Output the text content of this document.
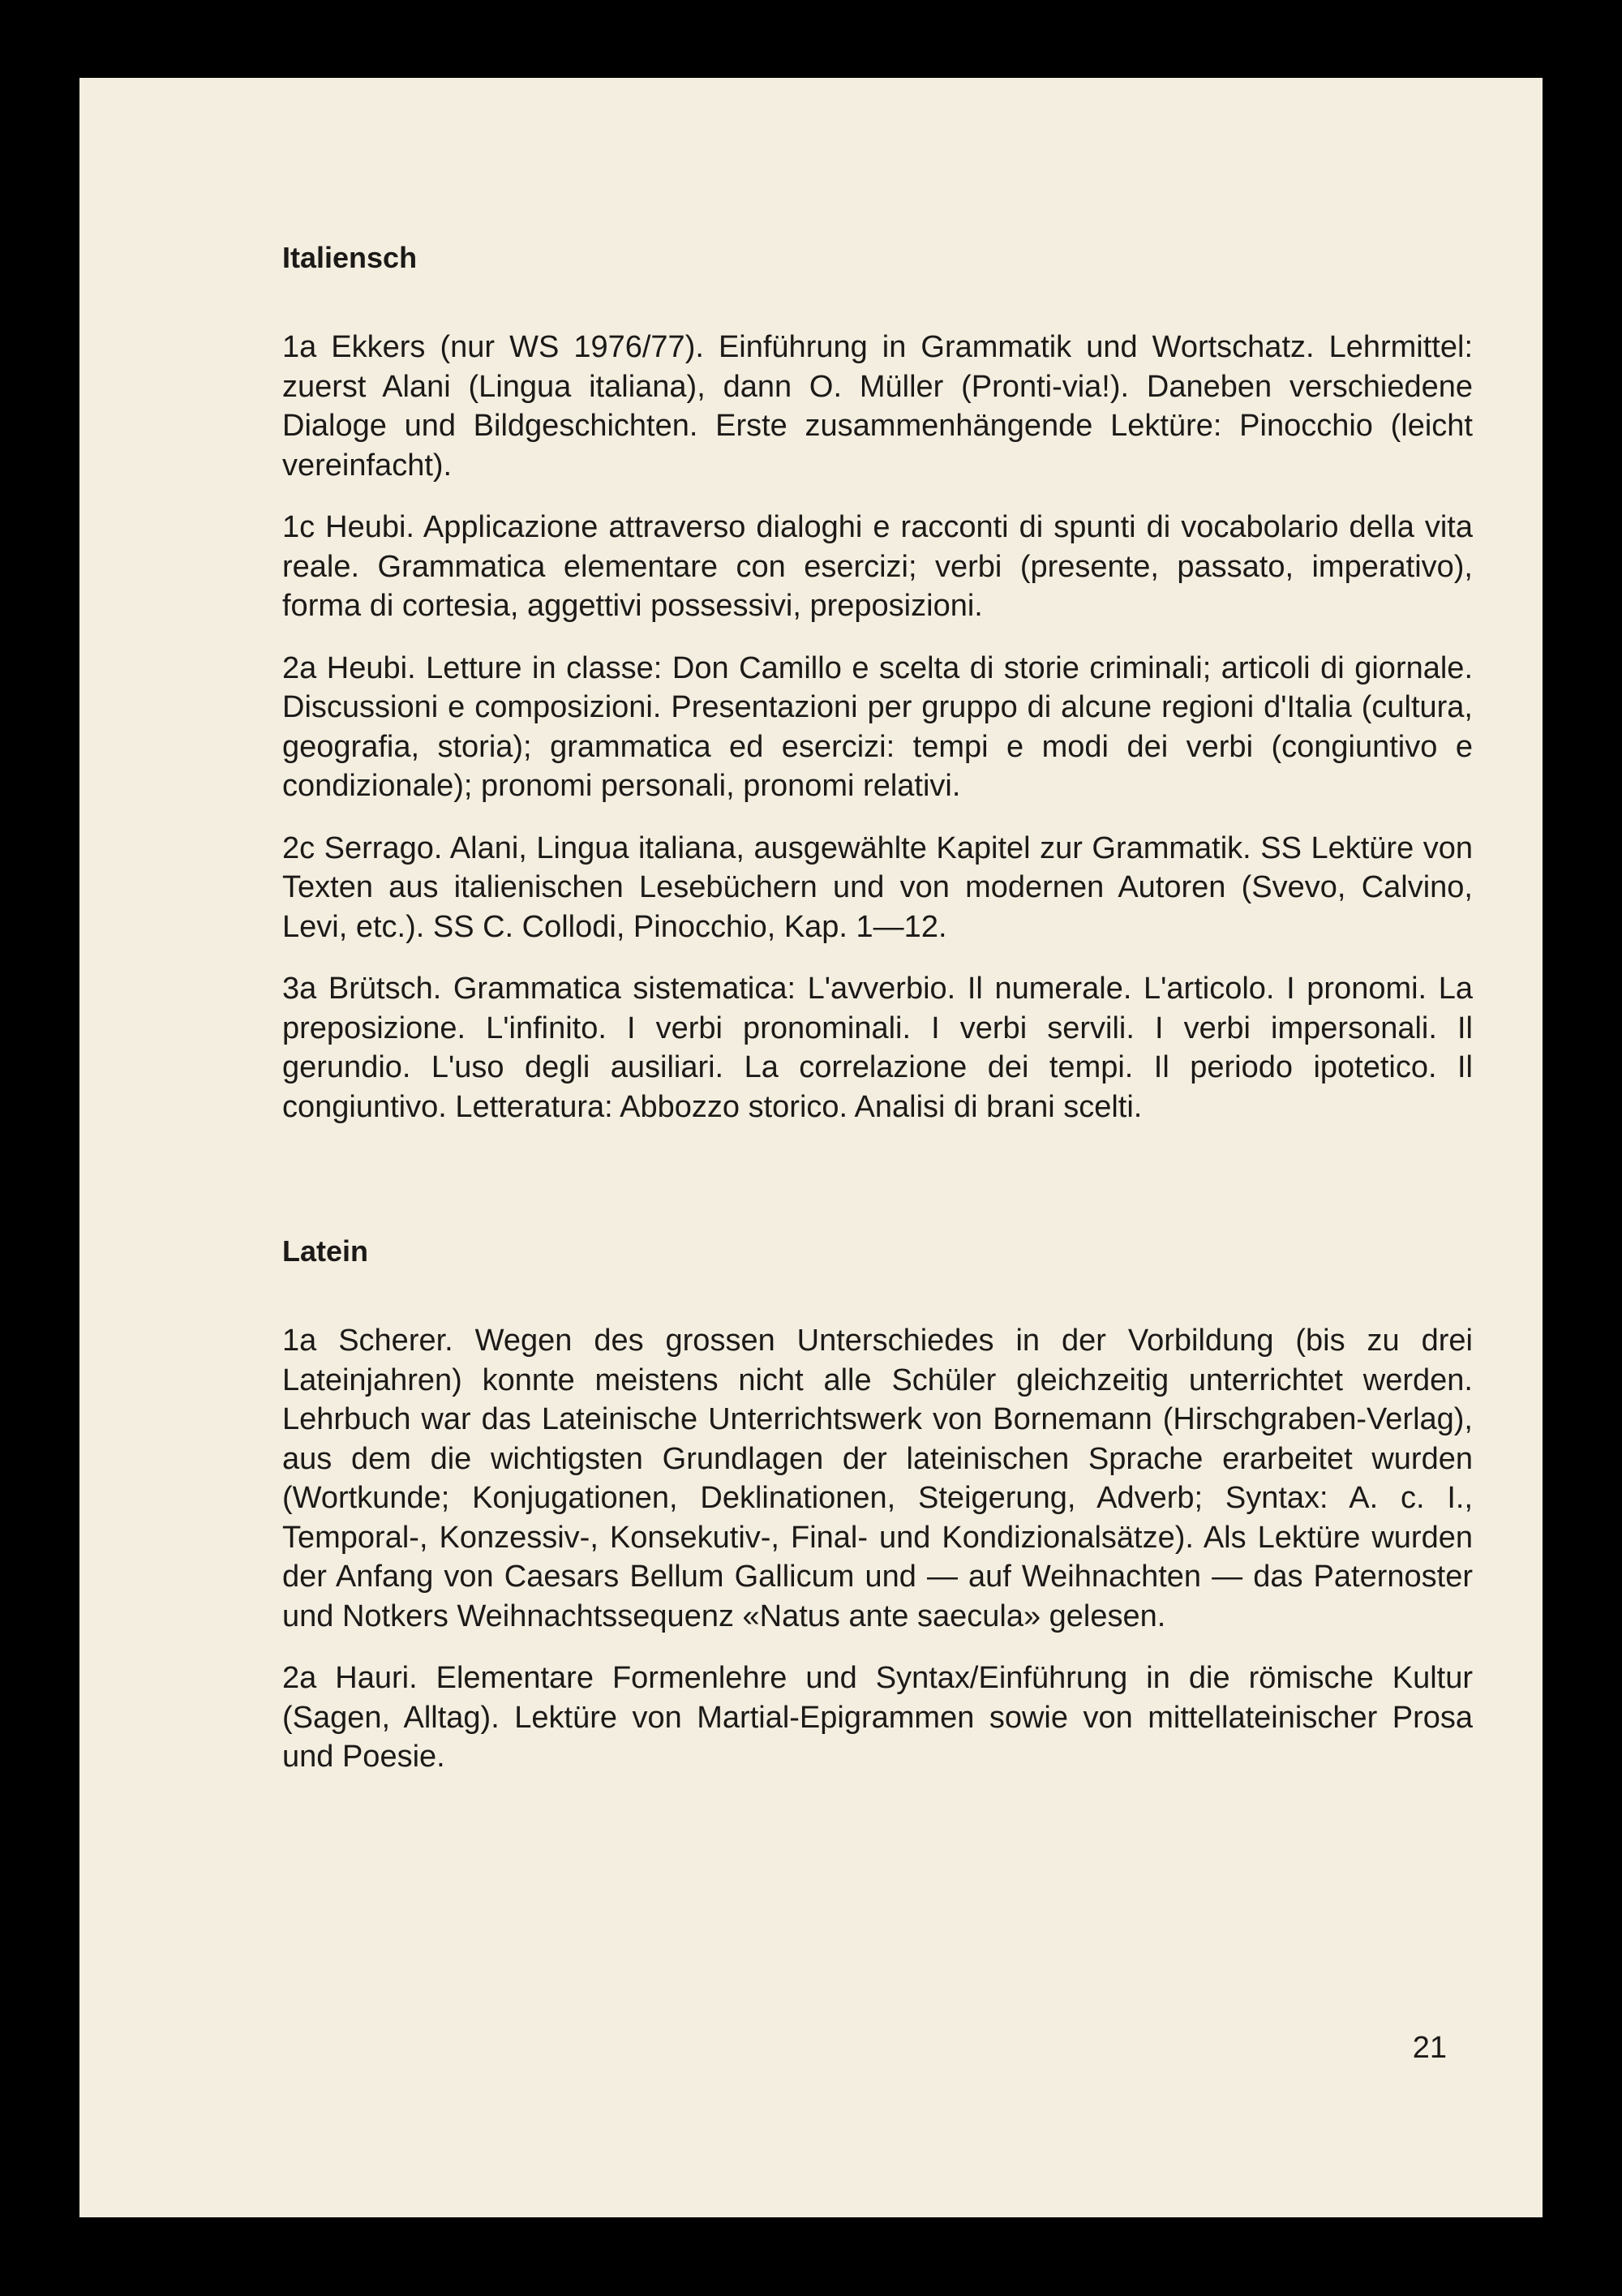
Italiensch

1a Ekkers (nur WS 1976/77). Einführung in Grammatik und Wortschatz. Lehrmittel: zuerst Alani (Lingua italiana), dann O. Müller (Pronti-via!). Daneben verschiedene Dialoge und Bildgeschichten. Erste zusammenhängende Lektüre: Pinocchio (leicht vereinfacht).

1c Heubi. Applicazione attraverso dialoghi e racconti di spunti di vocabolario della vita reale. Grammatica elementare con esercizi; verbi (presente, passato, imperativo), forma di cortesia, aggettivi possessivi, preposizioni.

2a Heubi. Letture in classe: Don Camillo e scelta di storie criminali; articoli di giornale. Discussioni e composizioni. Presentazioni per gruppo di alcune regioni d'Italia (cultura, geografia, storia); grammatica ed esercizi: tempi e modi dei verbi (congiuntivo e condizionale); pronomi personali, pronomi relativi.

2c Serrago. Alani, Lingua italiana, ausgewählte Kapitel zur Grammatik. SS Lektüre von Texten aus italienischen Lesebüchern und von modernen Autoren (Svevo, Calvino, Levi, etc.). SS C. Collodi, Pinocchio, Kap. 1—12.

3a Brütsch. Grammatica sistematica: L'avverbio. Il numerale. L'articolo. I pronomi. La preposizione. L'infinito. I verbi pronominali. I verbi servili. I verbi impersonali. Il gerundio. L'uso degli ausiliari. La correlazione dei tempi. Il periodo ipotetico. Il congiuntivo. Letteratura: Abbozzo storico. Analisi di brani scelti.

Latein

1a Scherer. Wegen des grossen Unterschiedes in der Vorbildung (bis zu drei Lateinjahren) konnte meistens nicht alle Schüler gleichzeitig unterrichtet werden. Lehrbuch war das Lateinische Unterrichtswerk von Bornemann (Hirschgraben-Verlag), aus dem die wichtigsten Grundlagen der lateinischen Sprache erarbeitet wurden (Wortkunde; Konjugationen, Deklinationen, Steigerung, Adverb; Syntax: A. c. I., Temporal-, Konzessiv-, Konsekutiv-, Final- und Kondizionalsätze). Als Lektüre wurden der Anfang von Caesars Bellum Gallicum und — auf Weihnachten — das Paternoster und Notkers Weihnachtssequenz «Natus ante saecula» gelesen.

2a Hauri. Elementare Formenlehre und Syntax/Einführung in die römische Kultur (Sagen, Alltag). Lektüre von Martial-Epigrammen sowie von mittellateinischer Prosa und Poesie.

21
